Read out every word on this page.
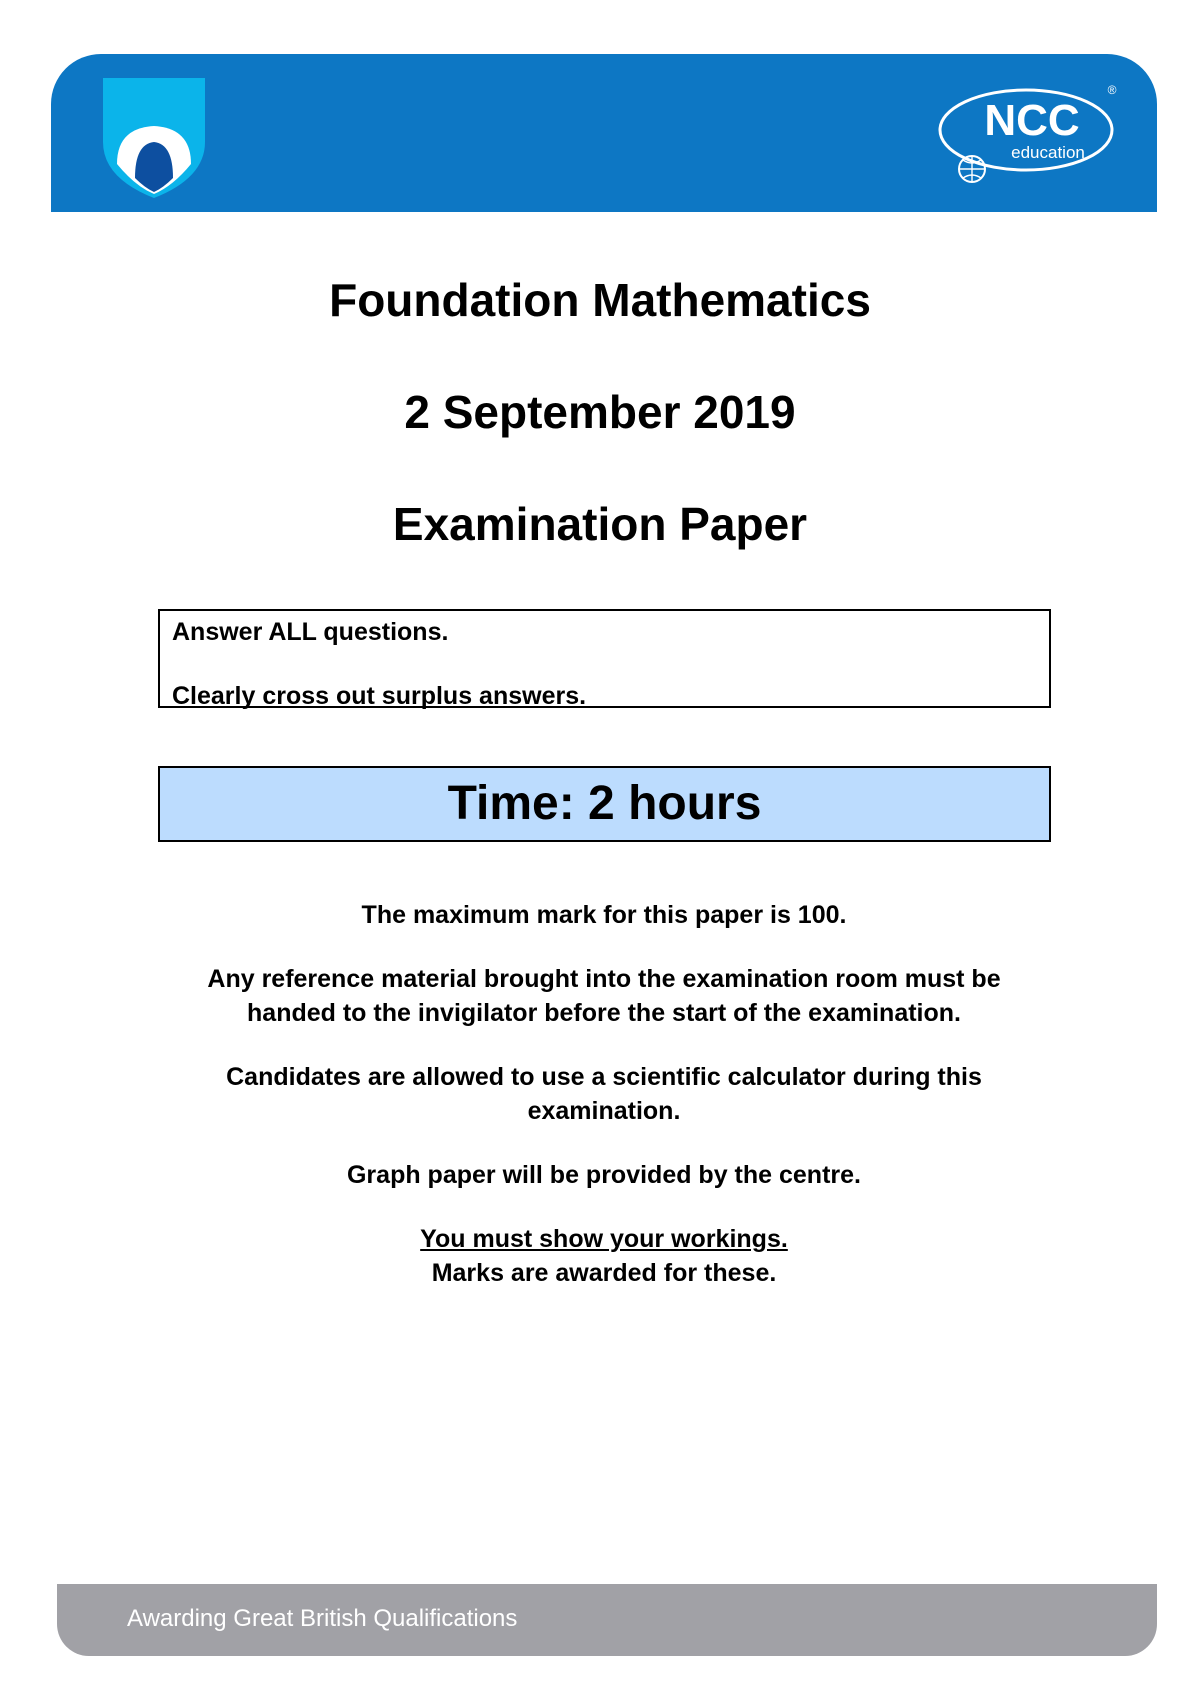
NCC
education
®
Foundation Mathematics
2 September 2019
Examination Paper

Answer ALL questions.

Clearly cross out surplus answers.

Time: 2 hours

The maximum mark for this paper is 100.

Any reference material brought into the examination room must be
handed to the invigilator before the start of the examination.

Candidates are allowed to use a scientific calculator during this
examination.

Graph paper will be provided by the centre.

You must show your workings.
Marks are awarded for these.

Awarding Great British Qualifications
